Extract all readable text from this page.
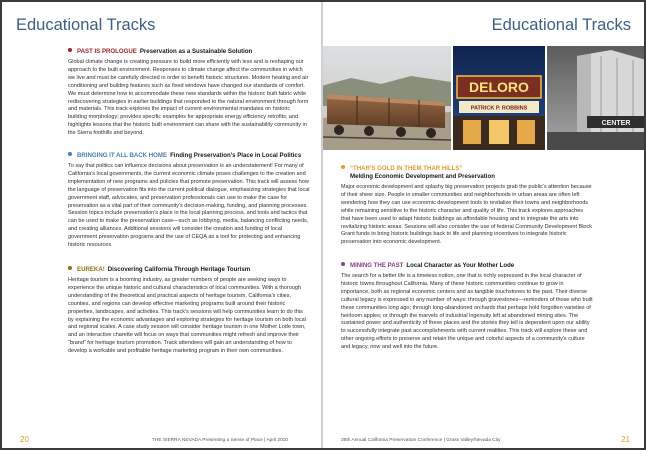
Educational Tracks
PAST IS PROLOGUE Preservation as a Sustainable Solution
Global climate change is creating pressure to build more efficiently with less and is reshaping our approach to the built environment. Responses to climate change affect the communities in which we live and must be carefully directed in order to benefit historic structures. Modern heating and air conditioning and building features such as fixed windows have changed our standards of comfort. We must determine how to accommodate these new standards within the historic built fabric while rediscovering strategies in earlier buildings that responded to the natural environment through form and materials. This track explores the impact of current environmental mandates on historic building morphology; provides specific examples for appropriate energy efficiency retrofits; and highlights lessons that the historic built environment can share with the sustainability community in the Sierra foothills and beyond.
BRINGING IT ALL BACK HOME Finding Preservation's Place in Local Politics
To say that politics can influence decisions about preservation is an understatement! For many of California's local governments, the current economic climate poses challenges to the creation and implementation of new programs and policies that promote preservation. This track will assess how the language of preservation fits into the current political dialogue, emphasizing strategies that local government staff, advocates, and preservation professionals can use to make the case for preservation as a vital part of their community's decision-making, funding, and planning processes. Session topics include preservation's place in the local planning process, and tools and tactics that can be used to make the preservation case—such as lobbying, media, balancing conflicting needs, and creating alliances. Additional sessions will consider the creation and funding of local government preservation programs and the use of CEQA as a tool for protecting and enhancing historic resources.
EUREKA! Discovering California Through Heritage Tourism
Heritage tourism is a booming industry, as greater numbers of people are seeking ways to experience the unique historic and cultural characteristics of local communities. With a thorough understanding of the theoretical and practical aspects of heritage tourism, California's cities, counties, and regions can develop effective marketing programs built around their historic properties, landscapes, and activities. This track's sessions will help communities learn to do this by explaining the economic advantages and exploring strategies for heritage tourism on both local and regional scales. A case study session will consider heritage tourism in one Mother Lode town, and an interactive charette will focus on ways that communities might refresh and improve their “brand” for heritage tourism promotion. Track attendees will gain an understanding of how to develop a workable and profitable heritage marketing program in their own communities.
20	THE SIERRA NEVADA Presenting a Sense of Place | April 2010
Educational Tracks
DELORO
PATRICK P. ROBBINS
CENTER
“THAR'S GOLD IN THEM THAR HILLS”
Melding Economic Development and Preservation
Major economic development and splashy big preservation projects grab the public's attention because of their sheer size. People in smaller communities and neighborhoods in urban areas are often left wondering how they can use economic development tools to revitalize their towns and neighborhoods while remaining sensitive to the historic character and quality of life. This track explores approaches that have been used to adapt historic buildings as affordable housing and to integrate the arts into revitalizing historic areas. Sessions will also consider the use of federal Community Development Block Grant funds to bring historic buildings back to life and planning incentives to integrate historic preservation into economic development.
MINING THE PAST Local Character as Your Mother Lode
The search for a better life is a timeless notion, one that is richly expressed in the local character of historic towns throughout California. Many of these historic communities continue to grow in importance, both as regional economic centers and as tangible touchstones to the past. Their diverse cultural legacy is expressed in any number of ways: through gravestones—reminders of those who built these communities long ago; through long-abandoned orchards that perhaps hold forgotten varieties of heirloom apples; or through the marvels of industrial ingenuity left at abandoned mining sites. The sustained power and authenticity of these places and the stories they tell is dependent upon our ability to successfully integrate past accomplishments with current realities. This track will explore these and other ongoing efforts to preserve and retain the unique and colorful aspects of a community's culture and legacy, now and well into the future.
35th Annual California Preservation Conference | Grass Valley/Nevada City	21
